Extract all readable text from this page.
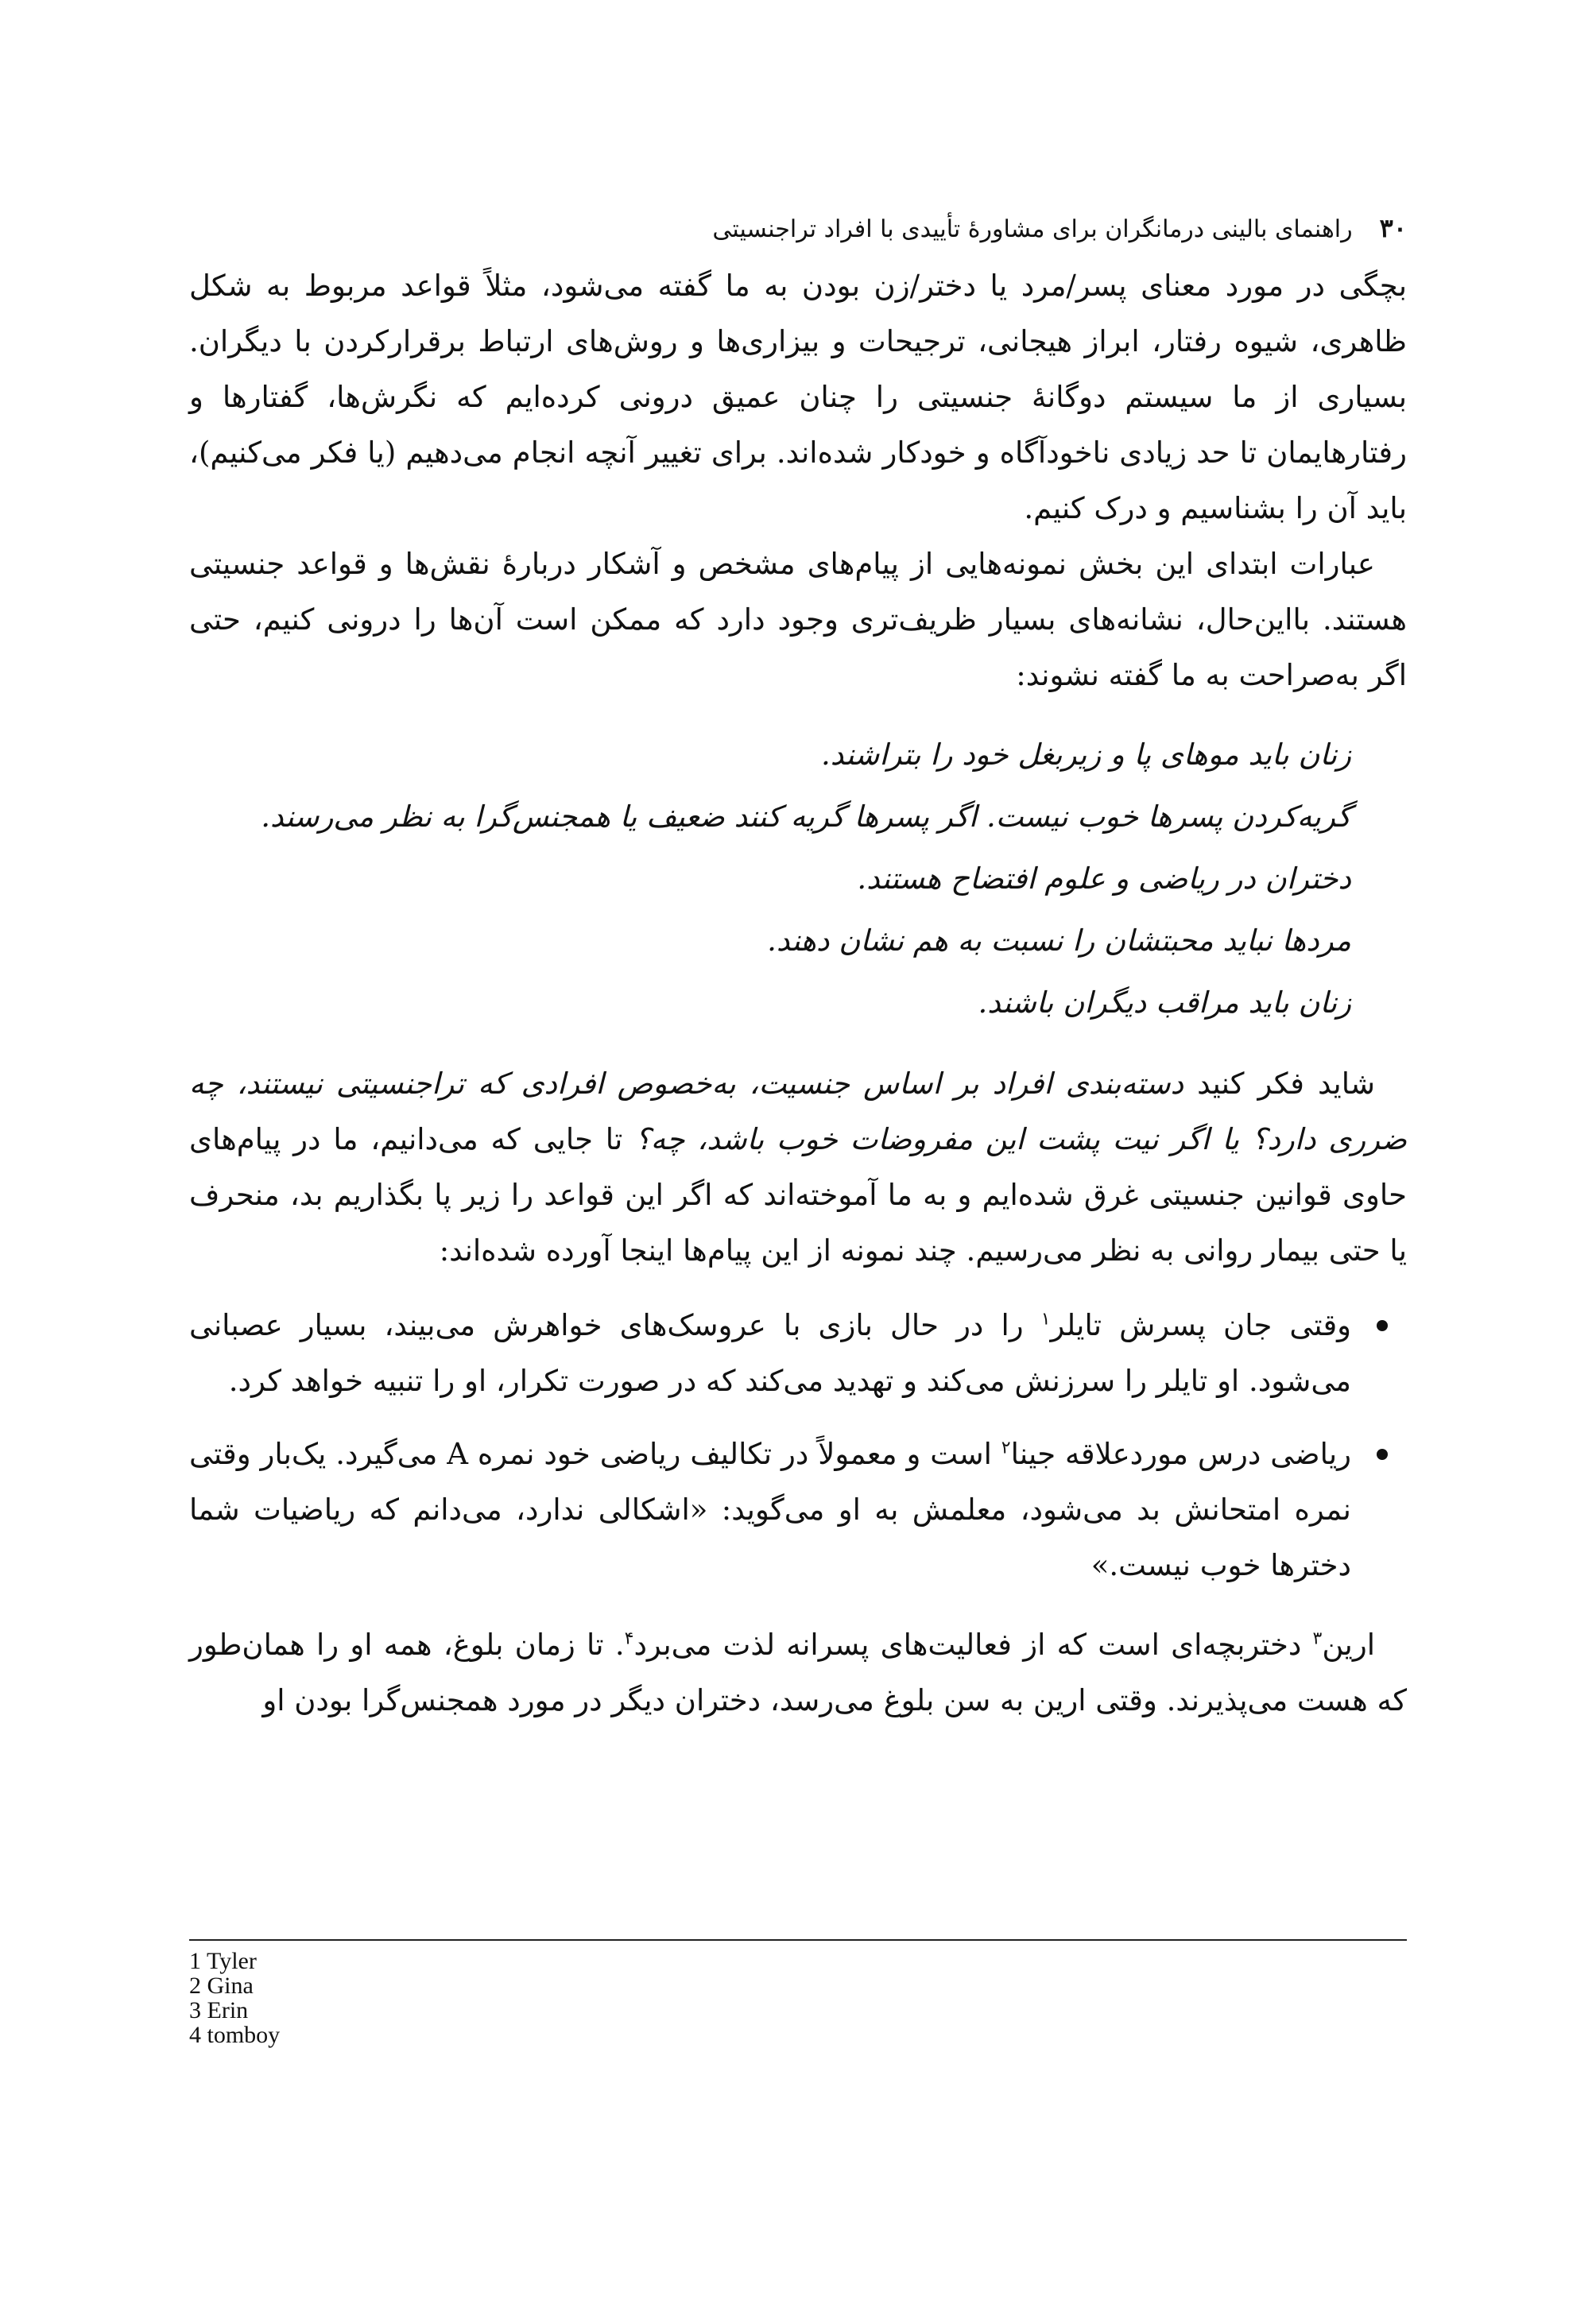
۳۰
راهنمای بالینی درمانگران برای مشاورهٔ تأییدی با افراد تراجنسیتی

بچگی در مورد معنای پسر/مرد یا دختر/زن بودن به ما گفته می‌شود، مثلاً قواعد مربوط به شکل ظاهری، شیوه رفتار، ابراز هیجانی، ترجیحات و بیزاری‌ها و روش‌های ارتباط برقرارکردن با دیگران. بسیاری از ما سیستم دوگانهٔ جنسیتی را چنان عمیق درونی کرده‌ایم که نگرش‌ها، گفتارها و رفتارهایمان تا حد زیادی ناخودآگاه و خودکار شده‌اند. برای تغییر آنچه انجام می‌دهیم (یا فکر می‌کنیم)، باید آن را بشناسیم و درک کنیم.

عبارات ابتدای این بخش نمونه‌هایی از پیام‌های مشخص و آشکار دربارهٔ نقش‌ها و قواعد جنسیتی هستند. بااین‌حال، نشانه‌های بسیار ظریف‌تری وجود دارد که ممکن است آن‌ها را درونی کنیم، حتی اگر به‌صراحت به ما گفته نشوند:

زنان باید موهای پا و زیربغل خود را بتراشند.
گریه‌کردن پسرها خوب نیست. اگر پسرها گریه کنند ضعیف یا همجنس‌گرا به نظر می‌رسند.
دختران در ریاضی و علوم افتضاح هستند.
مردها نباید محبتشان را نسبت به هم نشان دهند.
زنان باید مراقب دیگران باشند.

شاید فکر کنید دسته‌بندی افراد بر اساس جنسیت، به‌خصوص افرادی که تراجنسیتی نیستند، چه ضرری دارد؟ یا اگر نیت پشت این مفروضات خوب باشد، چه؟ تا جایی که می‌دانیم، ما در پیام‌های حاوی قوانین جنسیتی غرق شده‌ایم و به ما آموخته‌اند که اگر این قواعد را زیر پا بگذاریم بد، منحرف یا حتی بیمار روانی به نظر می‌رسیم. چند نمونه از این پیام‌ها اینجا آورده شده‌اند:

وقتی جان پسرش تایلر$^۱$ را در حال بازی با عروسک‌های خواهرش می‌بیند، بسیار عصبانی می‌شود. او تایلر را سرزنش می‌کند و تهدید می‌کند که در صورت تکرار، او را تنبیه خواهد کرد.
ریاضی درس موردعلاقه جینا$^۲$ است و معمولاً در تکالیف ریاضی خود نمره A می‌گیرد. یک‌بار وقتی نمره امتحانش بد می‌شود، معلمش به او می‌گوید: «اشکالی ندارد، می‌دانم که ریاضیات شما دخترها خوب نیست.»

ارین$^۳$ دختربچه‌ای است که از فعالیت‌های پسرانه لذت می‌برد$^۴$. تا زمان بلوغ، همه او را همان‌طور که هست می‌پذیرند. وقتی ارین به سن بلوغ می‌رسد، دختران دیگر در مورد همجنس‌گرا بودن او

1 Tyler
2 Gina
3 Erin
4 tomboy
